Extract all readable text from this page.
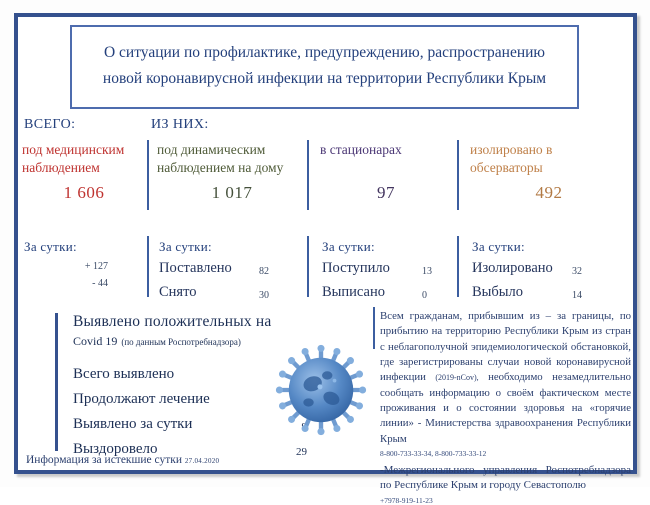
О ситуации по профилактике, предупреждению, распространению
новой коронавирусной инфекции на территории Республики Крым
ВСЕГО:	ИЗ НИХ:
под медицинским наблюдением
1 606
под динамическим наблюдением на дому
1 017
в стационарах
97
изолировано в обсерваторы
492
За сутки:
+ 127
- 44
За сутки:
Поставлено	82
Снято	30
За сутки:
Поступило	13
Выписано	0
За сутки:
Изолировано	32
Выбыло	14
Выявлено положительных на
Covid 19 (по данным Роспотребнадзора)
Всего выявлено
Продолжают лечение
Выявлено за сутки
Выздоровело	29
Всем гражданам, прибывшим из – за границы, по прибытию на территорию Республики Крым из стран с неблагополучной эпидемиологической обстановкой, где зарегистрированы случаи новой коронавирусной инфекции (2019-nCov), необходимо незамедлительно сообщать информацию о своём фактическом месте проживания и о состоянии здоровья на «горячие линии» - Министерства здравоохранения Республики Крым
8-800-733-33-34, 8-800-733-33-12
-Межрегионального управления Роспотребнадзора по Республике Крым и городу Севастополю
+7978-919-11-23
Информация за истекшие сутки 27.04.2020
